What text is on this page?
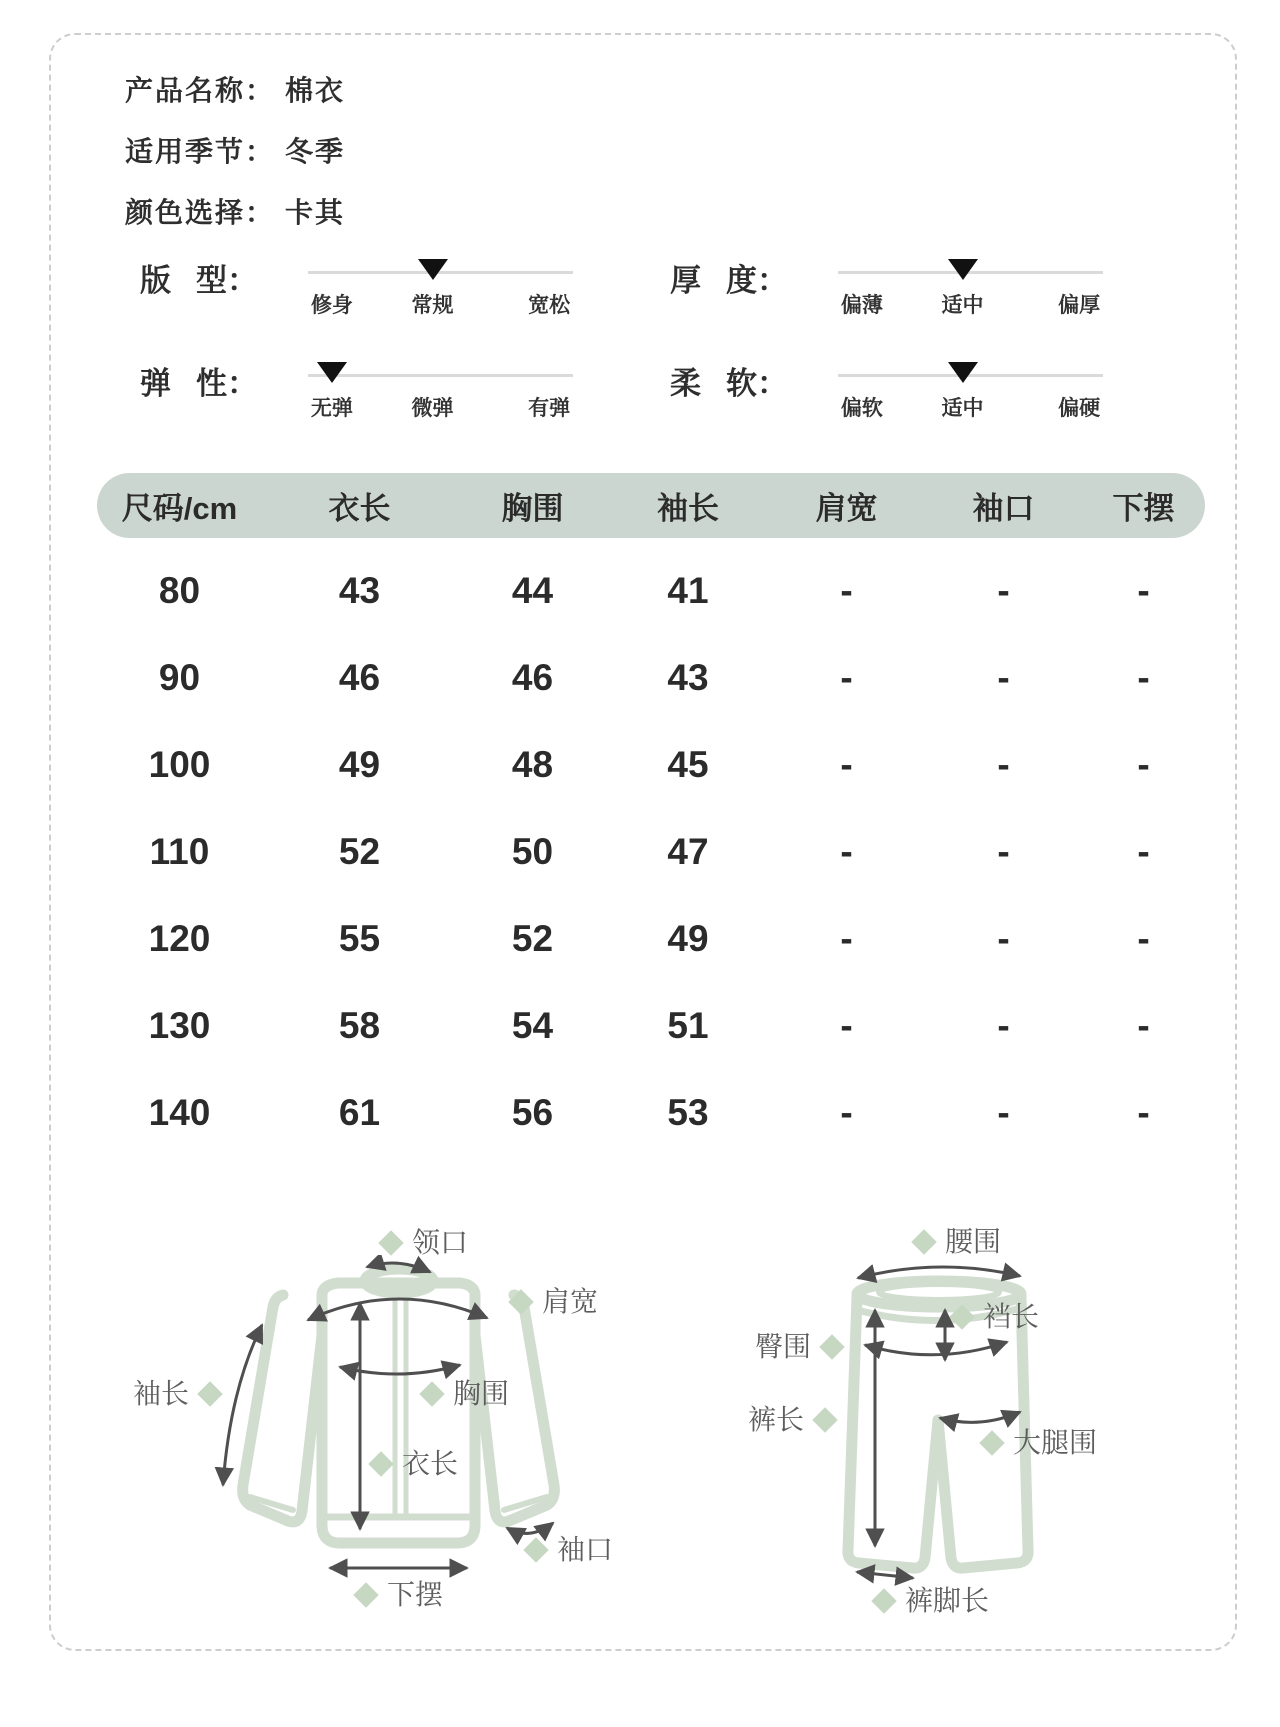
产品名称： 棉衣
适用季节： 冬季
颜色选择： 卡其
版 型：
修身	常规	宽松
厚 度：
偏薄	适中	偏厚
弹 性：
无弹	微弹	有弹
柔 软：
偏软	适中	偏硬
尺码/cm	衣长	胸围	袖长	肩宽	袖口	下摆
80	43	44	41	-	-	-
90	46	46	43	-	-	-
100	49	48	45	-	-	-
110	52	50	47	-	-	-
120	55	52	49	-	-	-
130	58	54	51	-	-	-
140	61	56	53	-	-	-
领口
肩宽
袖长	胸围
衣长
袖口
下摆
腰围
裆长
臀围
裤长
大腿围
裤脚长
